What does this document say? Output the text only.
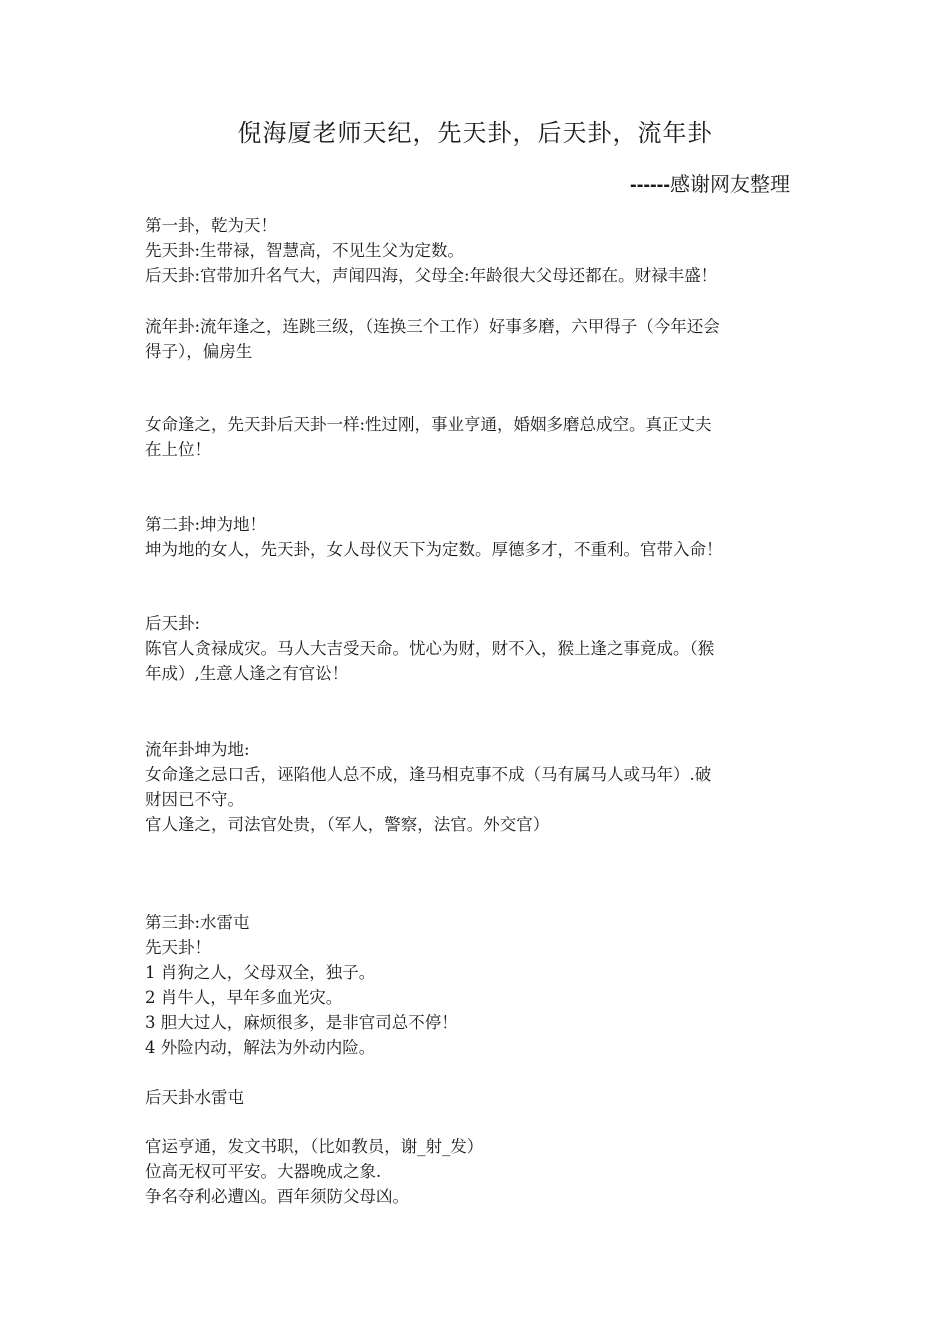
倪海厦老师天纪，先天卦，后天卦，流年卦
------感谢网友整理
第一卦，乾为天！
先天卦:生带禄，智慧高，不见生父为定数。
后天卦:官带加升名气大，声闻四海，父母全:年龄很大父母还都在。财禄丰盛！
流年卦:流年逢之，连跳三级，（连换三个工作）好事多磨，六甲得子（今年还会
得子），偏房生
女命逢之，先天卦后天卦一样:性过刚，事业亨通，婚姻多磨总成空。真正丈夫
在上位！
第二卦:坤为地！
坤为地的女人，先天卦，女人母仪天下为定数。厚德多才，不重利。官带入命！
后天卦:
陈官人贪禄成灾。马人大吉受天命。忧心为财，财不入，猴上逢之事竟成。（猴
年成）,生意人逢之有官讼！
流年卦坤为地:
女命逢之忌口舌，诬陷他人总不成，逢马相克事不成（马有属马人或马年）.破
财因已不守。
官人逢之，司法官处贵，（军人，警察，法官。外交官）
第三卦:水雷屯
先天卦！
1 肖狗之人，父母双全，独子。
2 肖牛人，早年多血光灾。
3 胆大过人，麻烦很多，是非官司总不停！
4 外险内动，解法为外动内险。
后天卦水雷屯
官运亨通，发文书职，（比如教员，谢_射_发）
位高无权可平安。大器晚成之象.
争名夺利必遭凶。酉年须防父母凶。
